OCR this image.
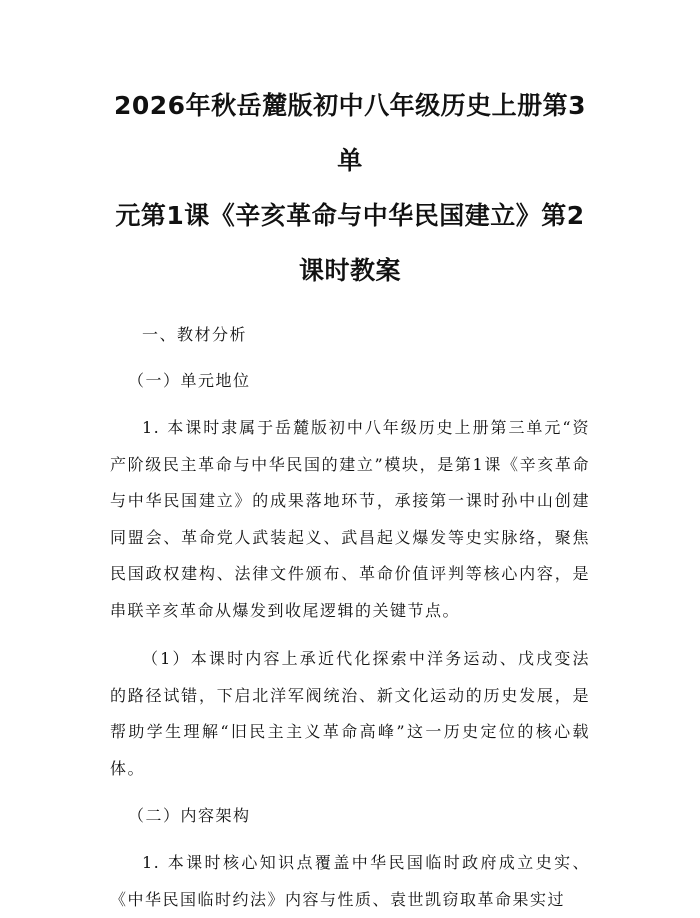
2026年秋岳麓版初中八年级历史上册第3单
元第1课《辛亥革命与中华民国建立》第2
课时教案

一、教材分析

（一）单元地位

1. 本课时隶属于岳麓版初中八年级历史上册第三单元“资产阶级民主革命与中华民国的建立”模块，是第1课《辛亥革命与中华民国建立》的成果落地环节，承接第一课时孙中山创建同盟会、革命党人武装起义、武昌起义爆发等史实脉络，聚焦民国政权建构、法律文件颁布、革命价值评判等核心内容，是串联辛亥革命从爆发到收尾逻辑的关键节点。

（1）本课时内容上承近代化探索中洋务运动、戊戌变法的路径试错，下启北洋军阀统治、新文化运动的历史发展，是帮助学生理解“旧民主主义革命高峰”这一历史定位的核心载体。

（二）内容架构

1. 本课时核心知识点覆盖中华民国临时政府成立史实、《中华民国临时约法》内容与性质、袁世凯窃取革命果实过
